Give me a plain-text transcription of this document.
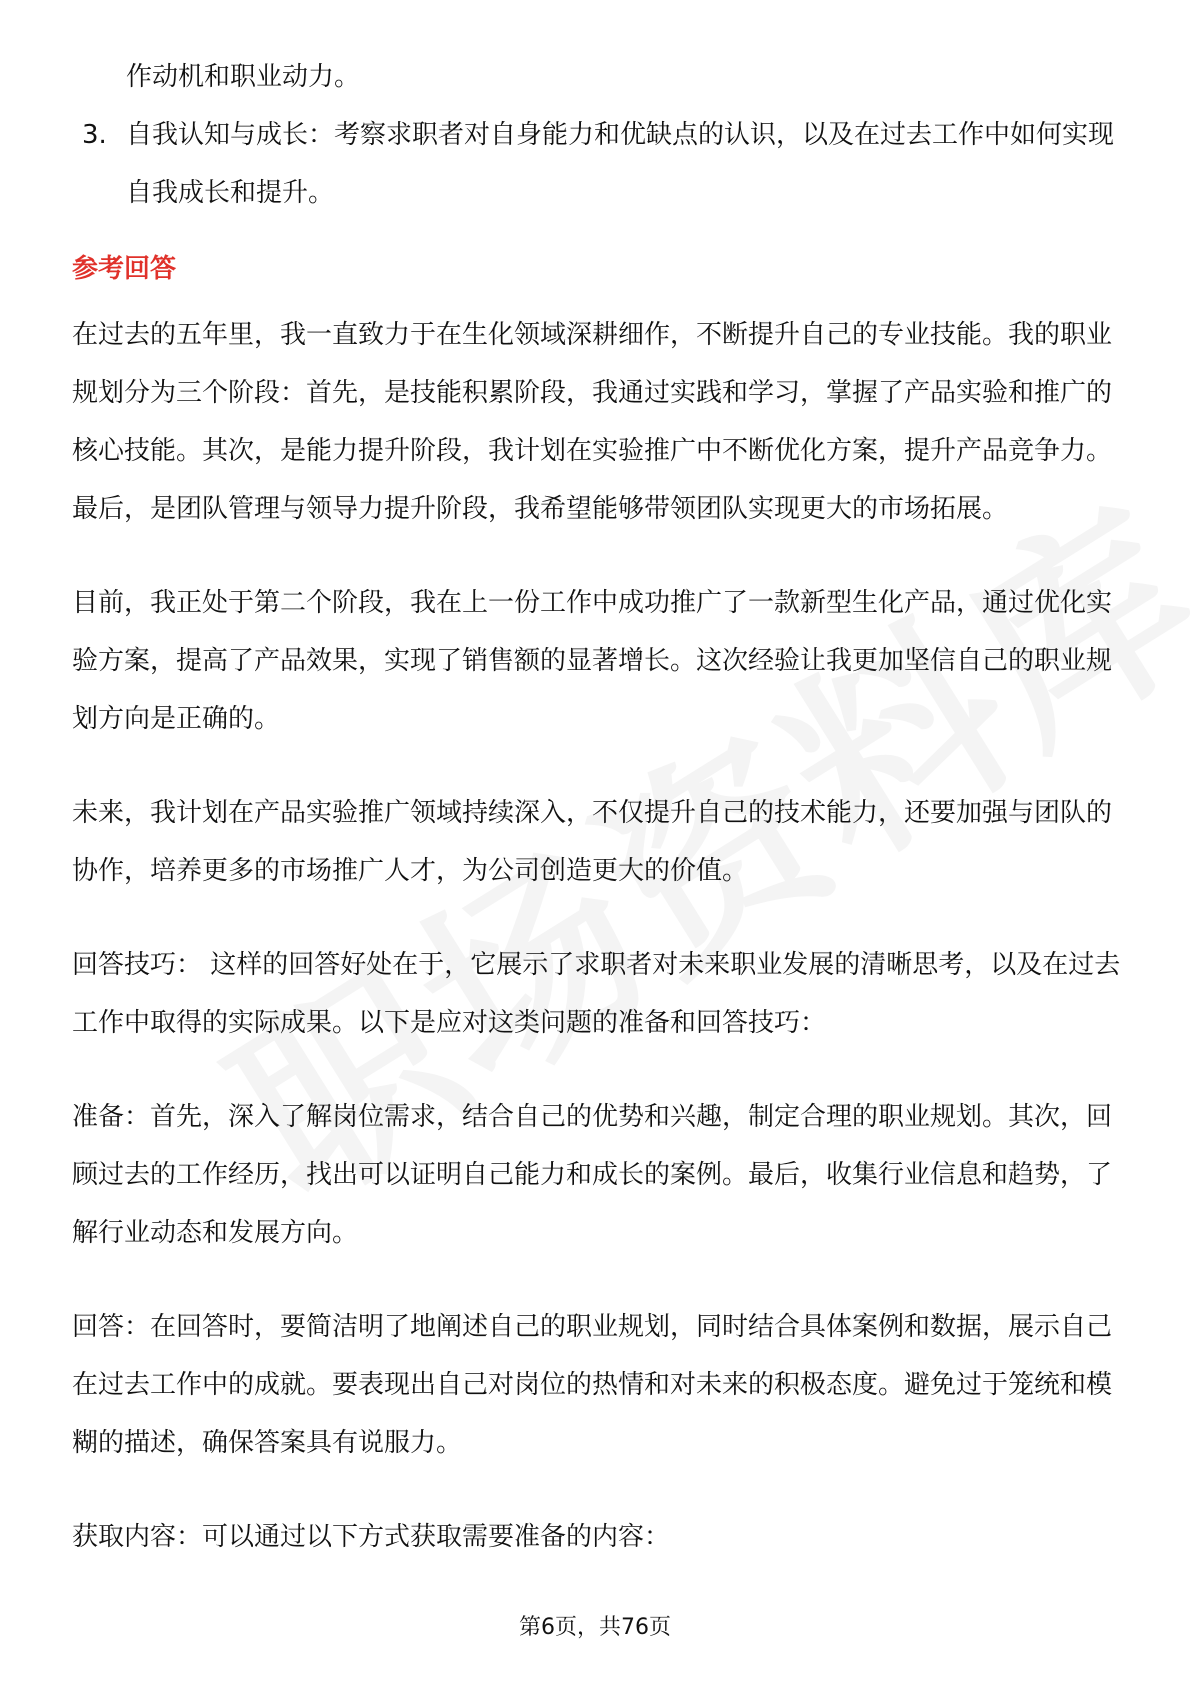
作动机和职业动力。
3. 自我认知与成长：考察求职者对自身能力和优缺点的认识，以及在过去工作中如何实现自我成长和提升。
参考回答

在过去的五年里，我一直致力于在生化领域深耕细作，不断提升自己的专业技能。我的职业规划分为三个阶段：首先，是技能积累阶段，我通过实践和学习，掌握了产品实验和推广的核心技能。其次，是能力提升阶段，我计划在实验推广中不断优化方案，提升产品竞争力。最后，是团队管理与领导力提升阶段，我希望能够带领团队实现更大的市场拓展。

目前，我正处于第二个阶段，我在上一份工作中成功推广了一款新型生化产品，通过优化实验方案，提高了产品效果，实现了销售额的显著增长。这次经验让我更加坚信自己的职业规划方向是正确的。

未来，我计划在产品实验推广领域持续深入，不仅提升自己的技术能力，还要加强与团队的协作，培养更多的市场推广人才，为公司创造更大的价值。

回答技巧： 这样的回答好处在于，它展示了求职者对未来职业发展的清晰思考，以及在过去工作中取得的实际成果。以下是应对这类问题的准备和回答技巧：

准备：首先，深入了解岗位需求，结合自己的优势和兴趣，制定合理的职业规划。其次，回顾过去的工作经历，找出可以证明自己能力和成长的案例。最后，收集行业信息和趋势，了解行业动态和发展方向。

回答：在回答时，要简洁明了地阐述自己的职业规划，同时结合具体案例和数据，展示自己在过去工作中的成就。要表现出自己对岗位的热情和对未来的积极态度。避免过于笼统和模糊的描述，确保答案具有说服力。

获取内容：可以通过以下方式获取需要准备的内容：

第6页，共76页
